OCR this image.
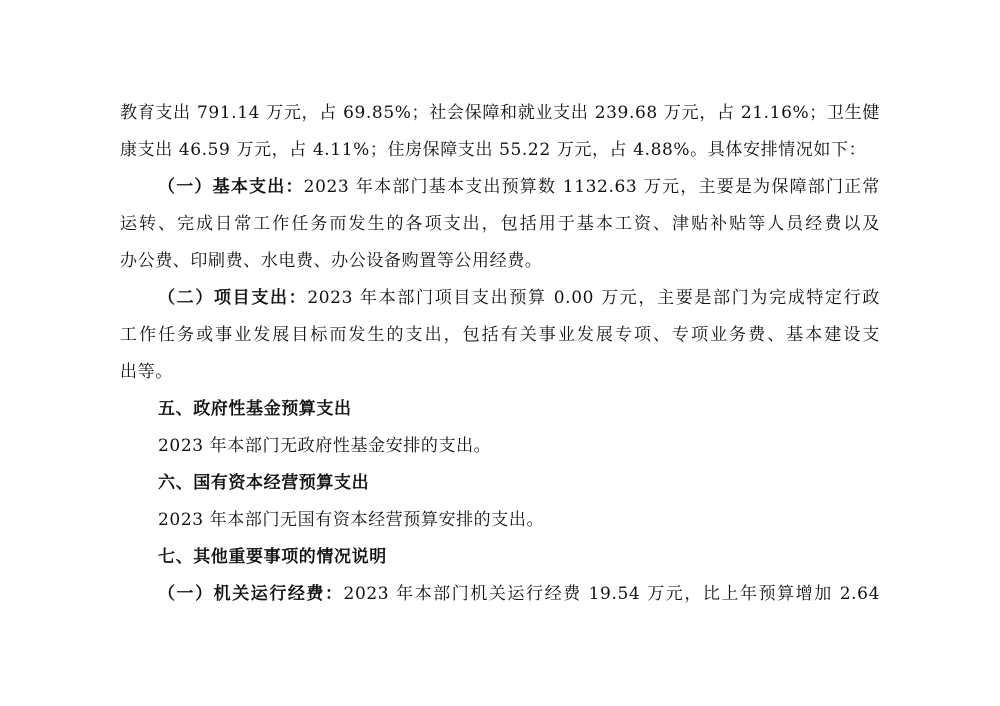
教育支出 791.14 万元，占 69.85%；社会保障和就业支出 239.68 万元，占 21.16%；卫生健
康支出 46.59 万元，占 4.11%；住房保障支出 55.22 万元，占 4.88%。具体安排情况如下：
（一）基本支出：2023 年本部门基本支出预算数 1132.63 万元，主要是为保障部门正常
运转、完成日常工作任务而发生的各项支出，包括用于基本工资、津贴补贴等人员经费以及
办公费、印刷费、水电费、办公设备购置等公用经费。
（二）项目支出：2023 年本部门项目支出预算 0.00 万元，主要是部门为完成特定行政
工作任务或事业发展目标而发生的支出，包括有关事业发展专项、专项业务费、基本建设支
出等。
五、政府性基金预算支出
2023 年本部门无政府性基金安排的支出。
六、国有资本经营预算支出
2023 年本部门无国有资本经营预算安排的支出。
七、其他重要事项的情况说明
（一）机关运行经费：2023 年本部门机关运行经费 19.54 万元，比上年预算增加 2.64
